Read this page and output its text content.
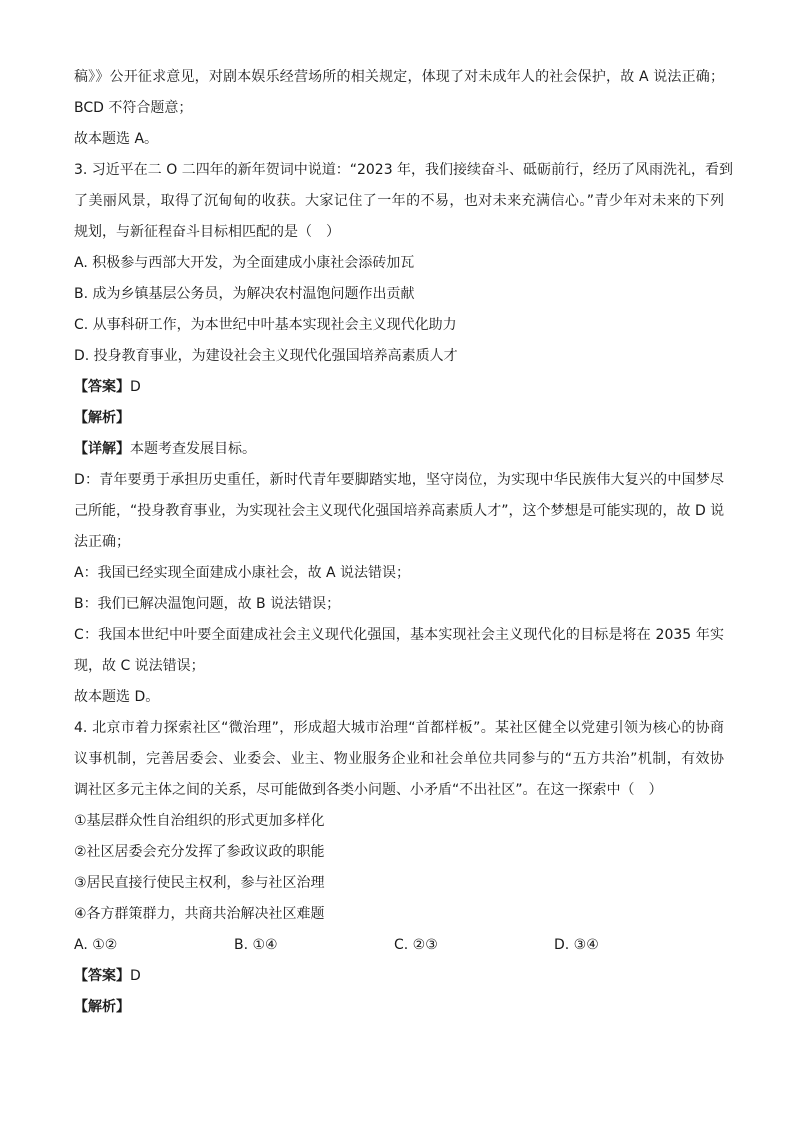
稿》》公开征求意见，对剧本娱乐经营场所的相关规定，体现了对未成年人的社会保护，故 A 说法正确；
BCD 不符合题意；
故本题选 A。
3. 习近平在二 O 二四年的新年贺词中说道：“2023 年，我们接续奋斗、砥砺前行，经历了风雨洗礼，看到
了美丽风景，取得了沉甸甸的收获。大家记住了一年的不易，也对未来充满信心。”青少年对未来的下列
规划，与新征程奋斗目标相匹配的是（　）
A. 积极参与西部大开发，为全面建成小康社会添砖加瓦
B. 成为乡镇基层公务员，为解决农村温饱问题作出贡献
C. 从事科研工作，为本世纪中叶基本实现社会主义现代化助力
D. 投身教育事业，为建设社会主义现代化强国培养高素质人才
【答案】D
【解析】
【详解】本题考查发展目标。
D：青年要勇于承担历史重任，新时代青年要脚踏实地，坚守岗位，为实现中华民族伟大复兴的中国梦尽
己所能，“投身教育事业，为实现社会主义现代化强国培养高素质人才”，这个梦想是可能实现的，故 D 说
法正确；
A：我国已经实现全面建成小康社会，故 A 说法错误；
B：我们已解决温饱问题，故 B 说法错误；
C：我国本世纪中叶要全面建成社会主义现代化强国，基本实现社会主义现代化的目标是将在 2035 年实
现，故 C 说法错误；
故本题选 D。
4. 北京市着力探索社区“微治理”，形成超大城市治理“首都样板”。某社区健全以党建引领为核心的协商
议事机制，完善居委会、业委会、业主、物业服务企业和社会单位共同参与的“五方共治”机制，有效协
调社区多元主体之间的关系，尽可能做到各类小问题、小矛盾“不出社区”。在这一探索中（　）
①基层群众性自治组织的形式更加多样化
②社区居委会充分发挥了参政议政的职能
③居民直接行使民主权利，参与社区治理
④各方群策群力，共商共治解决社区难题
A. ①②	B. ①④	C. ②③	D. ③④
【答案】D
【解析】
